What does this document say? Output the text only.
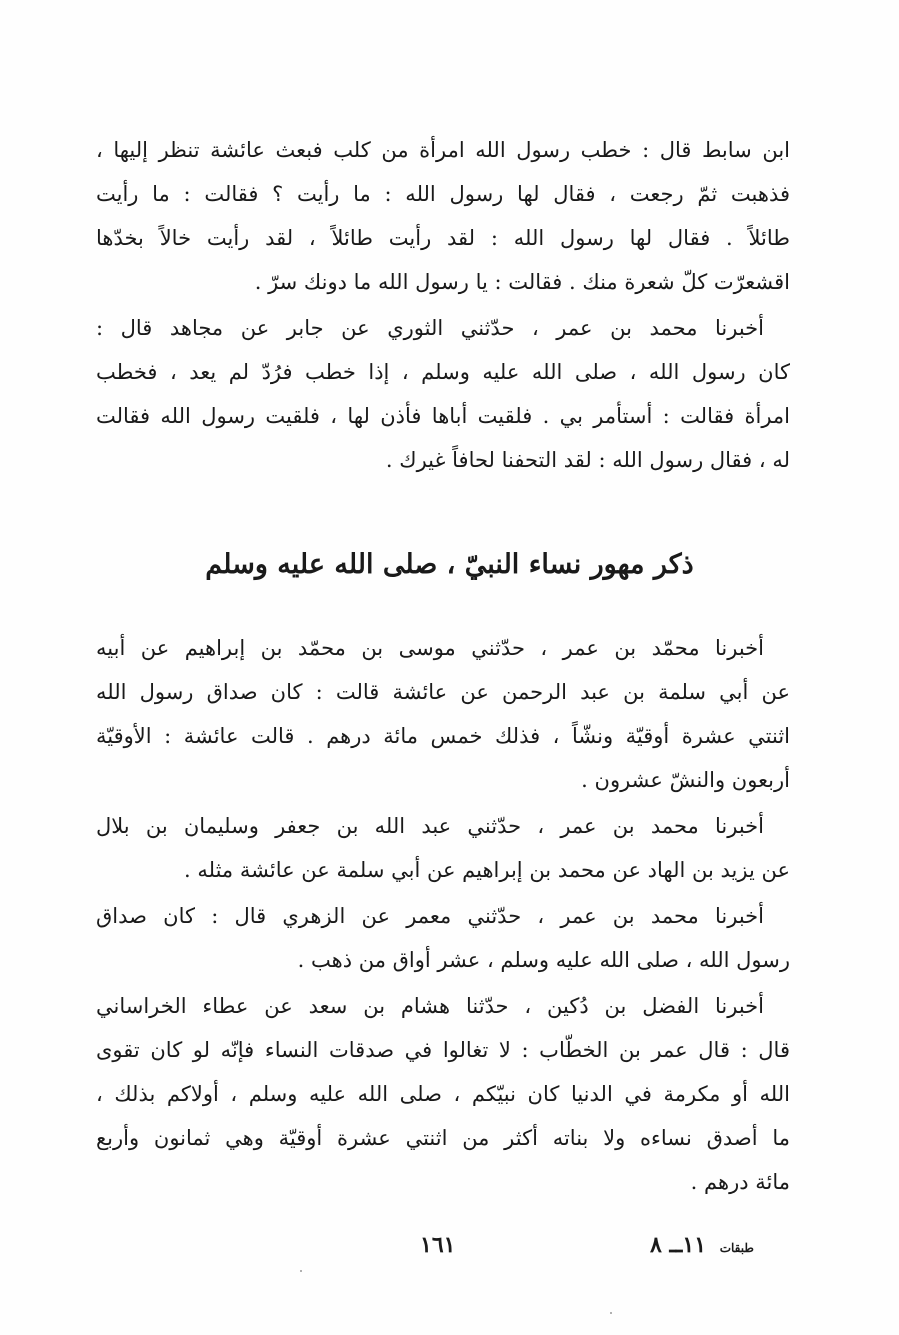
ابن سابط قال : خطب رسول الله امرأة من كلب فبعث عائشة تنظر إليها ،
فذهبت ثمّ رجعت ، فقال لها رسول الله : ما رأيت ؟ فقالت : ما رأيت
طائلاً . فقال لها رسول الله : لقد رأيت طائلاً ، لقد رأيت خالاً بخدّها
اقشعرّت كلّ شعرة منك . فقالت : يا رسول الله ما دونك سرّ .
أخبرنا محمد بن عمر ، حدّثني الثوري عن جابر عن مجاهد قال :
كان رسول الله ، صلى الله عليه وسلم ، إذا خطب فرُدّ لم يعد ، فخطب
امرأة فقالت : أستأمر بي . فلقيت أباها فأذن لها ، فلقيت رسول الله فقالت
له ، فقال رسول الله : لقد التحفنا لحافاً غيرك .
ذكر مهور نساء النبيّ ، صلى الله عليه وسلم
أخبرنا محمّد بن عمر ، حدّثني موسى بن محمّد بن إبراهيم عن أبيه
عن أبي سلمة بن عبد الرحمن عن عائشة قالت : كان صداق رسول الله
اثنتي عشرة أوقيّة ونشّاً ، فذلك خمس مائة درهم . قالت عائشة : الأوقيّة
أربعون والنشّ عشرون .
أخبرنا محمد بن عمر ، حدّثني عبد الله بن جعفر وسليمان بن بلال
عن يزيد بن الهاد عن محمد بن إبراهيم عن أبي سلمة عن عائشة مثله .
أخبرنا محمد بن عمر ، حدّثني معمر عن الزهري قال : كان صداق
رسول الله ، صلى الله عليه وسلم ، عشر أواق من ذهب .
أخبرنا الفضل بن دُكين ، حدّثنا هشام بن سعد عن عطاء الخراساني
قال : قال عمر بن الخطّاب : لا تغالوا في صدقات النساء فإنّه لو كان تقوى
الله أو مكرمة في الدنيا كان نبيّكم ، صلى الله عليه وسلم ، أولاكم بذلك ،
ما أصدق نساءه ولا بناته أكثر من اثنتي عشرة أوقيّة وهي ثمانون وأربع
مائة درهم .
١٦١	طبقات ١١ــ ٨
